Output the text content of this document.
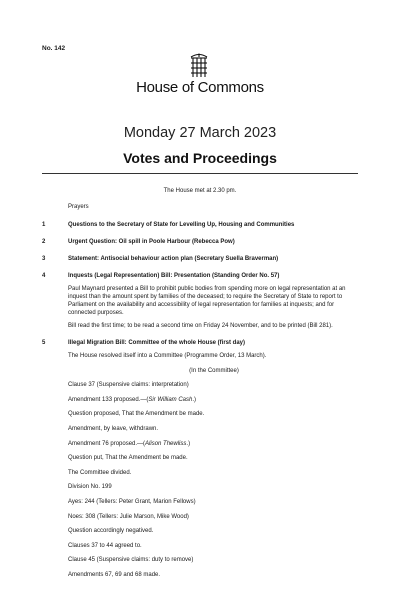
No. 142
House of Commons
Monday 27 March 2023
Votes and Proceedings
The House met at 2.30 pm.
Prayers
1	Questions to the Secretary of State for Levelling Up, Housing and Communities
2	Urgent Question: Oil spill in Poole Harbour (Rebecca Pow)
3	Statement: Antisocial behaviour action plan (Secretary Suella Braverman)
4	Inquests (Legal Representation) Bill: Presentation (Standing Order No. 57)
Paul Maynard presented a Bill to prohibit public bodies from spending more on legal representation at an inquest than the amount spent by families of the deceased; to require the Secretary of State to report to Parliament on the availability and accessibility of legal representation for families at inquests; and for connected purposes.
Bill read the first time; to be read a second time on Friday 24 November, and to be printed (Bill 281).
5	Illegal Migration Bill: Committee of the whole House (first day)
The House resolved itself into a Committee (Programme Order, 13 March).
(In the Committee)
Clause 37 (Suspensive claims: interpretation)
Amendment 133 proposed.—(Sir William Cash.)
Question proposed, That the Amendment be made.
Amendment, by leave, withdrawn.
Amendment 76 proposed.—(Alison Thewliss.)
Question put, That the Amendment be made.
The Committee divided.
Division No. 199
Ayes: 244 (Tellers: Peter Grant, Marion Fellows)
Noes: 308 (Tellers: Julie Marson, Mike Wood)
Question accordingly negatived.
Clauses 37 to 44 agreed to.
Clause 45 (Suspensive claims: duty to remove)
Amendments 67, 69 and 68 made.
